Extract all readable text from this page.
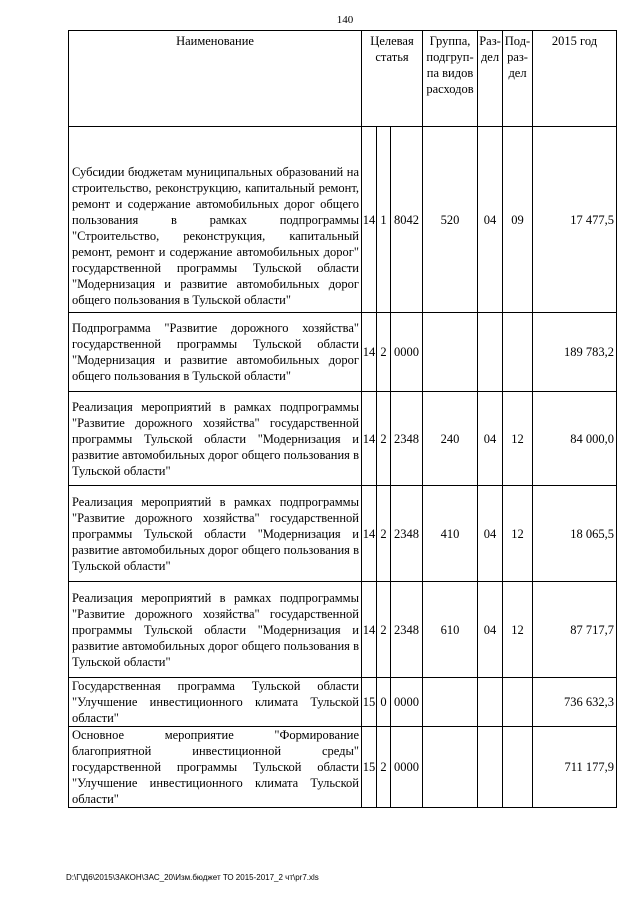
140
Наименование	Целевая статья			Группа, подгруп-па видов расходов	Раз-дел	Под-раз-дел	2015 год

Субсидии бюджетам муниципальных образований на строительство, реконструкцию, капитальный ремонт, ремонт и содержание автомобильных дорог общего пользования в рамках подпрограммы "Строительство, реконструкция, капитальный ремонт, ремонт и содержание автомобильных дорог" государственной программы Тульской области "Модернизация и развитие автомобильных дорог общего пользования в Тульской области"	14	1	8042	520	04	09	17 477,5
Подпрограмма "Развитие дорожного хозяйства" государственной программы Тульской области "Модернизация и развитие автомобильных дорог общего пользования в Тульской области"	14	2	0000				189 783,2
Реализация мероприятий в рамках подпрограммы "Развитие дорожного хозяйства" государственной программы Тульской области "Модернизация и развитие автомобильных дорог общего пользования в Тульской области"	14	2	2348	240	04	12	84 000,0
Реализация мероприятий в рамках подпрограммы "Развитие дорожного хозяйства" государственной программы Тульской области "Модернизация и развитие автомобильных дорог общего пользования в Тульской области"	14	2	2348	410	04	12	18 065,5
Реализация мероприятий в рамках подпрограммы "Развитие дорожного хозяйства" государственной программы Тульской области "Модернизация и развитие автомобильных дорог общего пользования в Тульской области"	14	2	2348	610	04	12	87 717,7
Государственная программа Тульской области "Улучшение инвестиционного климата Тульской области"	15	0	0000				736 632,3
Основное мероприятие "Формирование благоприятной инвестиционной среды" государственной программы Тульской области "Улучшение инвестиционного климата Тульской области"	15	2	0000				711 177,9
D:\Г\Д6\2015\ЗАКОН\ЗАС_20\Изм.бюджет ТО 2015-2017_2 чт\pr7.xls
